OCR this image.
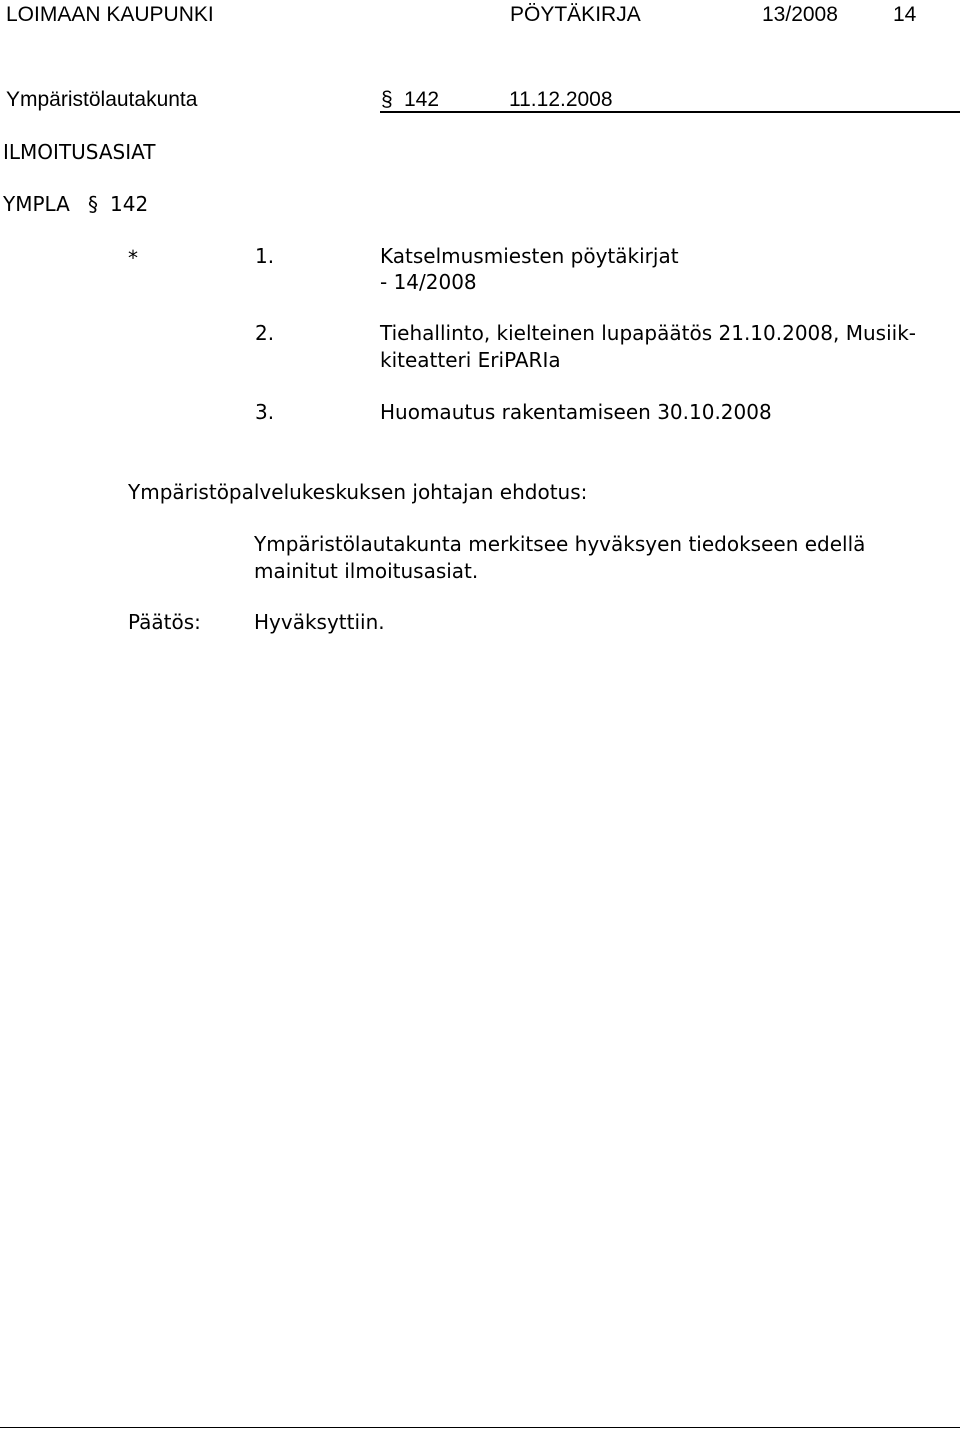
LOIMAAN KAUPUNKI	PÖYTÄKIRJA	13/2008	14
Ympäristölautakunta	§ 142	11.12.2008
ILMOITUSASIAT
YMPLA § 142
*	1.	Katselmusmiesten pöytäkirjat
- 14/2008
2.	Tiehallinto, kielteinen lupapäätös 21.10.2008, Musiik-
kiteatteri EriPARIa
3.	Huomautus rakentamiseen 30.10.2008
Ympäristöpalvelukeskuksen johtajan ehdotus:
Ympäristölautakunta merkitsee hyväksyen tiedokseen edellä
mainitut ilmoitusasiat.
Päätös:	Hyväksyttiin.
